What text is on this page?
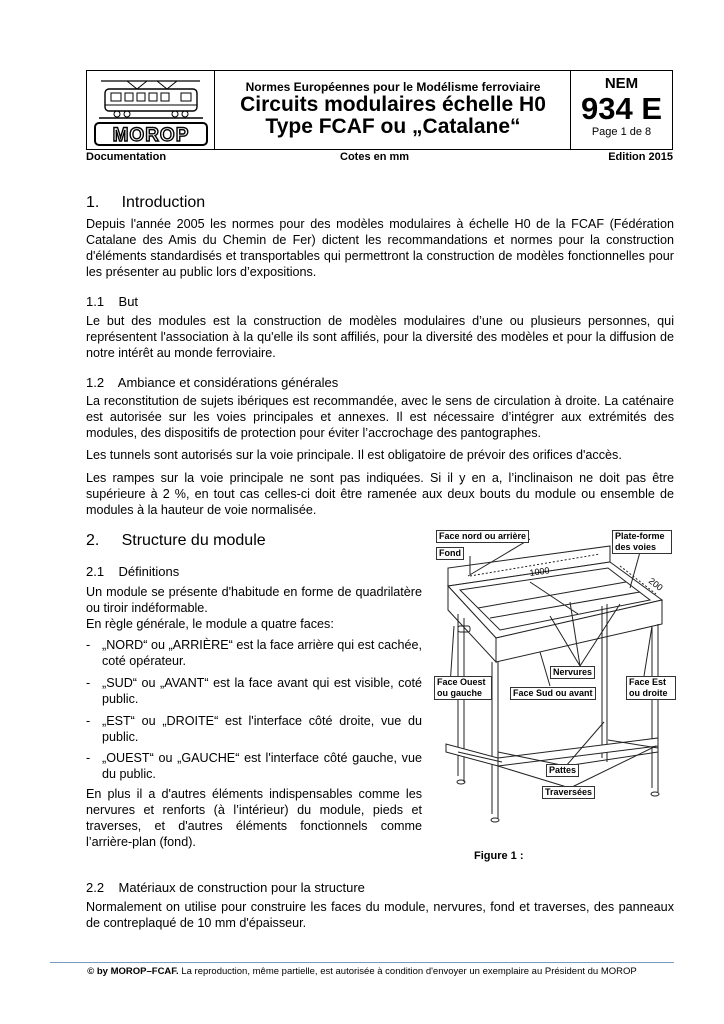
MOROP
Normes Européennes pour le Modélisme ferroviaire
Circuits modulaires échelle H0
Type FCAF ou „Catalane“
NEM
934 E
Page 1 de 8
Documentation	Cotes en mm	Edition 2015
1.     Introduction

Depuis l'année 2005 les normes pour des modèles modulaires à échelle H0 de la FCAF (Fédération Catalane des Amis du Chemin de Fer) dictent les recommandations et normes pour la construction d'éléments standardisés et transportables qui permettront la construction de modèles fonctionnelles pour les présenter au public lors d’expositions.

1.1    But

Le but des modules est la construction de modèles modulaires d’une ou plusieurs personnes, qui représentent l'association à la qu'elle ils sont affiliés, pour la diversité des modèles et pour la diffusion de notre intérêt au monde ferroviaire.

1.2    Ambiance et considérations générales

La reconstitution de sujets ibériques est recommandée, avec le sens de circulation à droite. La caténaire est autorisée sur les voies principales et annexes. Il est nécessaire d’intégrer aux extrémités des modules, des dispositifs de protection pour éviter l’accrochage des pantographes.

Les tunnels sont autorisés sur la voie principale. Il est obligatoire de prévoir des orifices d'accès.

Les rampes sur la voie principale ne sont pas indiquées. Si il y en a, l’inclinaison ne doit pas être supérieure à 2 %, en tout cas celles-ci doit être ramenée aux deux bouts du module ou ensemble de modules à la hauteur de voie normalisée.

2.     Structure du module
2.1    Définitions

Un module se présente d'habitude en forme de quadrilatère ou tiroir indéformable.

En règle générale, le module a quatre faces:

- „NORD“ ou „ARRIÈRE“ est la face arrière qui est cachée, coté opérateur.
- „SUD“ ou „AVANT“ est la face avant qui est visible, coté public.
- „EST“ ou „DROITE“ est l'interface côté droite, vue du public.
- „OUEST“ ou „GAUCHE“ est l'interface côté gauche, vue du public.

En plus il a d'autres éléments indispensables comme les nervures et renforts (à l’intérieur) du module, pieds et traverses, et d'autres éléments fonctionnels comme l’arrière-plan (fond).

1000
200
Face nord ou arrière
Fond
Plate-forme
des voies
Nervures
Face Ouest
ou gauche	Face Sud ou avant
Face Est
ou droite
Pattes
Traversées
Figure 1 :
2.2    Matériaux de construction pour la structure

Normalement on utilise pour construire les faces du module, nervures, fond et traverses, des panneaux de contreplaqué de 10 mm d'épaisseur.

© by MOROP–FCAF. La reproduction, même partielle, est autorisée à condition d'envoyer un exemplaire au Président du MOROP
